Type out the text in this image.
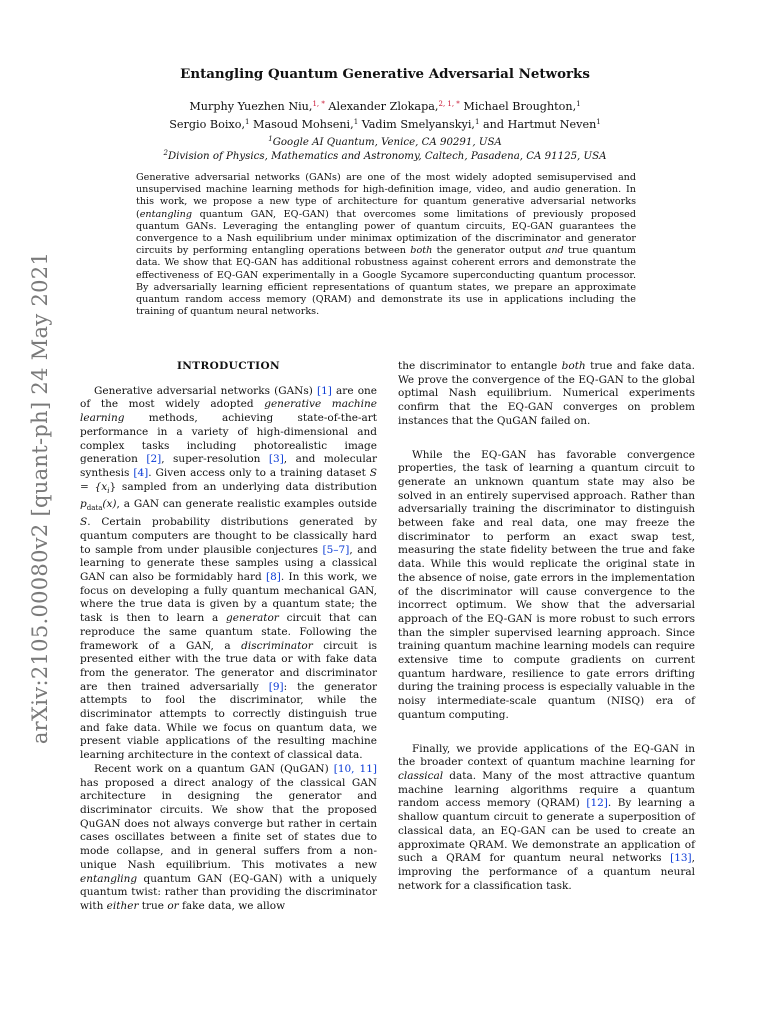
arXiv:2105.00080v2 [quant-ph] 24 May 2021
Entangling Quantum Generative Adversarial Networks
Murphy Yuezhen Niu,$^{1, *}$ Alexander Zlokapa,$^{2, 1, *}$ Michael Broughton,$^1$
Sergio Boixo,$^1$ Masoud Mohseni,$^1$ Vadim Smelyanskyi,$^1$ and Hartmut Neven$^1$
$^1$Google AI Quantum, Venice, CA 90291, USA
$^2$Division of Physics, Mathematics and Astronomy, Caltech, Pasadena, CA 91125, USA
Generative adversarial networks (GANs) are one of the most widely adopted semisupervised and unsupervised machine learning methods for high-definition image, video, and audio generation. In this work, we propose a new type of architecture for quantum generative adversarial networks (entangling quantum GAN, EQ-GAN) that overcomes some limitations of previously proposed quantum GANs. Leveraging the entangling power of quantum circuits, EQ-GAN guarantees the convergence to a Nash equilibrium under minimax optimization of the discriminator and generator circuits by performing entangling operations between both the generator output and true quantum data. We show that EQ-GAN has additional robustness against coherent errors and demonstrate the effectiveness of EQ-GAN experimentally in a Google Sycamore superconducting quantum processor. By adversarially learning efficient representations of quantum states, we prepare an approximate quantum random access memory (QRAM) and demonstrate its use in applications including the training of quantum neural networks.

INTRODUCTION

Generative adversarial networks (GANs) [1] are one of the most widely adopted generative machine learning methods, achieving state-of-the-art performance in a variety of high-dimensional and complex tasks including photorealistic image generation [2], super-resolution [3], and molecular synthesis [4]. Given access only to a training dataset $S = \{x_i\}$ sampled from an underlying data distribution $p_{data}(x)$, a GAN can generate realistic examples outside S. Certain probability distributions generated by quantum computers are thought to be classically hard to sample from under plausible conjectures [5–7], and learning to generate these samples using a classical GAN can also be formidably hard [8]. In this work, we focus on developing a fully quantum mechanical GAN, where the true data is given by a quantum state; the task is then to learn a generator circuit that can reproduce the same quantum state. Following the framework of a GAN, a discriminator circuit is presented either with the true data or with fake data from the generator. The generator and discriminator are then trained adversarially [9]: the generator attempts to fool the discriminator, while the discriminator attempts to correctly distinguish true and fake data. While we focus on quantum data, we present viable applications of the resulting machine learning architecture in the context of classical data.

Recent work on a quantum GAN (QuGAN) [10, 11] has proposed a direct analogy of the classical GAN architecture in designing the generator and discriminator circuits. We show that the proposed QuGAN does not always converge but rather in certain cases oscillates between a finite set of states due to mode collapse, and in general suffers from a non-unique Nash equilibrium. This motivates a new entangling quantum GAN (EQ-GAN) with a uniquely quantum twist: rather than providing the discriminator with either true or fake data, we allow

the discriminator to entangle both true and fake data. We prove the convergence of the EQ-GAN to the global optimal Nash equilibrium. Numerical experiments confirm that the EQ-GAN converges on problem instances that the QuGAN failed on.

While the EQ-GAN has favorable convergence properties, the task of learning a quantum circuit to generate an unknown quantum state may also be solved in an entirely supervised approach. Rather than adversarially training the discriminator to distinguish between fake and real data, one may freeze the discriminator to perform an exact swap test, measuring the state fidelity between the true and fake data. While this would replicate the original state in the absence of noise, gate errors in the implementation of the discriminator will cause convergence to the incorrect optimum. We show that the adversarial approach of the EQ-GAN is more robust to such errors than the simpler supervised learning approach. Since training quantum machine learning models can require extensive time to compute gradients on current quantum hardware, resilience to gate errors drifting during the training process is especially valuable in the noisy intermediate-scale quantum (NISQ) era of quantum computing.

Finally, we provide applications of the EQ-GAN in the broader context of quantum machine learning for classical data. Many of the most attractive quantum machine learning algorithms require a quantum random access memory (QRAM) [12]. By learning a shallow quantum circuit to generate a superposition of classical data, an EQ-GAN can be used to create an approximate QRAM. We demonstrate an application of such a QRAM for quantum neural networks [13], improving the performance of a quantum neural network for a classification task.
